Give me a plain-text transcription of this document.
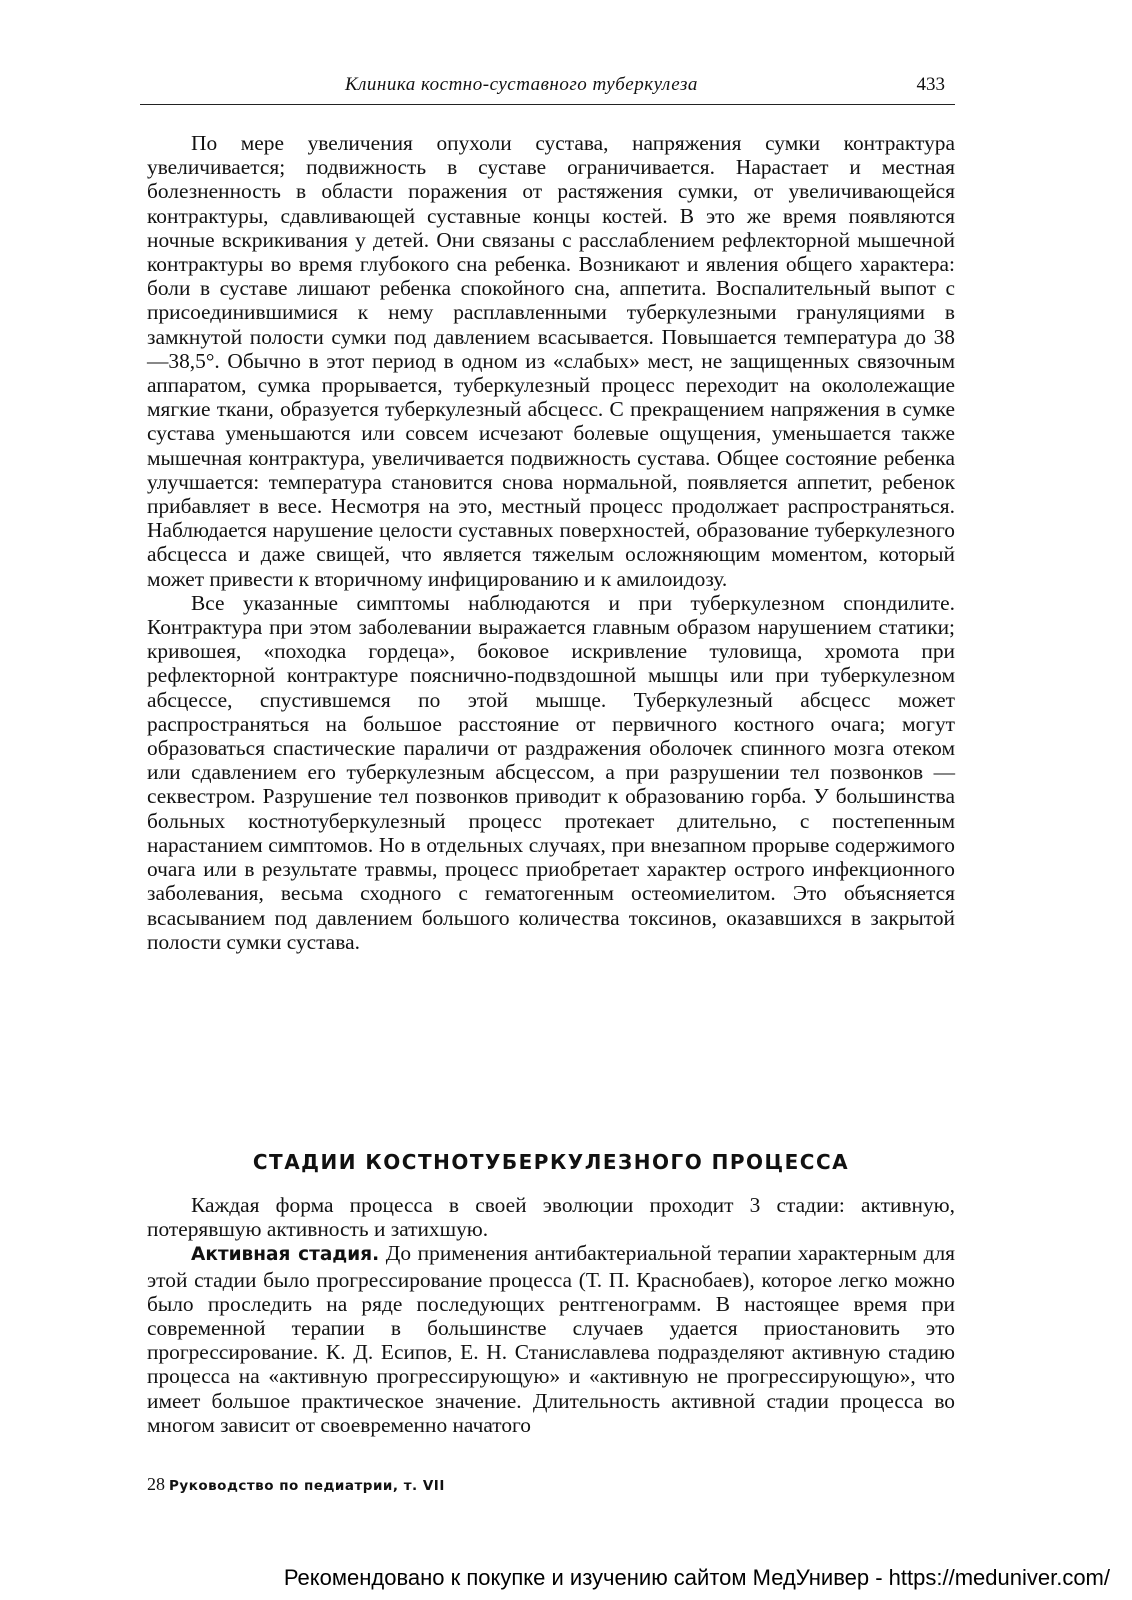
Клиника костно-суставного туберкулеза	433

По мере увеличения опухоли сустава, напряжения сумки контрактура увеличивается; подвижность в суставе ограничивается. Нарастает и местная болезненность в области поражения от растяжения сумки, от увеличивающейся контрактуры, сдавливающей суставные концы костей. В это же время появляются ночные вскрикивания у детей. Они связаны с расслаблением рефлекторной мышечной контрактуры во время глубокого сна ребенка. Возникают и явления общего характера: боли в суставе лишают ребенка спокойного сна, аппетита. Воспалительный выпот с присоединившимися к нему расплавленными туберкулезными грануляциями в замкнутой полости сумки под давлением всасывается. Повышается температура до 38—38,5°. Обычно в этот период в одном из «слабых» мест, не защищенных связочным аппаратом, сумка прорывается, туберкулезный процесс переходит на окололежащие мягкие ткани, образуется туберкулезный абсцесс. С прекращением напряжения в сумке сустава уменьшаются или совсем исчезают болевые ощущения, уменьшается также мышечная контрактура, увеличивается подвижность сустава. Общее состояние ребенка улучшается: температура становится снова нормальной, появляется аппетит, ребенок прибавляет в весе. Несмотря на это, местный процесс продолжает распространяться. Наблюдается нарушение целости суставных поверхностей, образование туберкулезного абсцесса и даже свищей, что является тяжелым осложняющим моментом, который может привести к вторичному инфицированию и к амилоидозу.

Все указанные симптомы наблюдаются и при туберкулезном спондилите. Контрактура при этом заболевании выражается главным образом нарушением статики; кривошея, «походка гордеца», боковое искривление туловища, хромота при рефлекторной контрактуре пояснично-подвздошной мышцы или при туберкулезном абсцессе, спустившемся по этой мышце. Туберкулезный абсцесс может распространяться на большое расстояние от первичного костного очага; могут образоваться спастические параличи от раздражения оболочек спинного мозга отеком или сдавлением его туберкулезным абсцессом, а при разрушении тел позвонков — секвестром. Разрушение тел позвонков приводит к образованию горба. У большинства больных костнотуберкулезный процесс протекает длительно, с постепенным нарастанием симптомов. Но в отдельных случаях, при внезапном прорыве содержимого очага или в результате травмы, процесс приобретает характер острого инфекционного заболевания, весьма сходного с гематогенным остеомиелитом. Это объясняется всасыванием под давлением большого количества токсинов, оказавшихся в закрытой полости сумки сустава.

СТАДИИ КОСТНОТУБЕРКУЛЕЗНОГО ПРОЦЕССА

Каждая форма процесса в своей эволюции проходит 3 стадии: активную, потерявшую активность и затихшую.

Активная стадия. До применения антибактериальной терапии характерным для этой стадии было прогрессирование процесса (Т. П. Краснобаев), которое легко можно было проследить на ряде последующих рентгенограмм. В настоящее время при современной терапии в большинстве случаев удается приостановить это прогрессирование. К. Д. Есипов, Е. Н. Станиславлева подразделяют активную стадию процесса на «активную прогрессирующую» и «активную не прогрессирующую», что имеет большое практическое значение. Длительность активной стадии процесса во многом зависит от своевременно начатого

28 Руководство по педиатрии, т. VII
Рекомендовано к покупке и изучению сайтом МедУнивер - https://meduniver.com/
